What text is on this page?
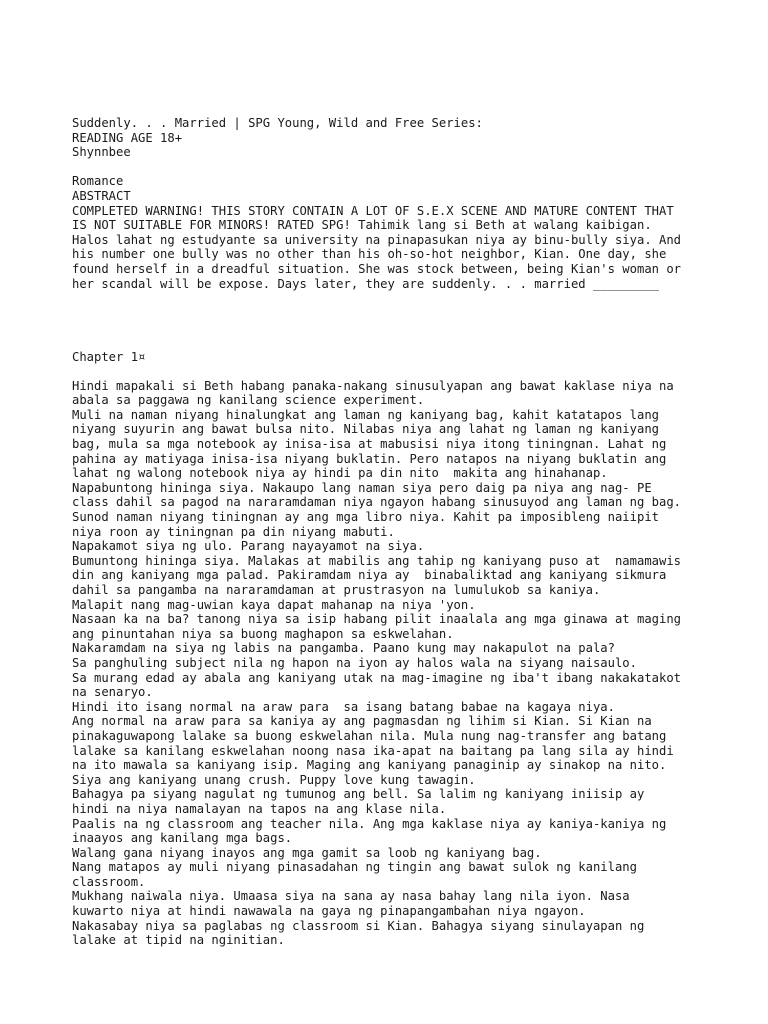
Suddenly. . . Married | SPG Young, Wild and Free Series:
READING AGE 18+
Shynnbee
Romance
ABSTRACT
COMPLETED WARNING! THIS STORY CONTAIN A LOT OF S.E.X SCENE AND MATURE CONTENT THAT
IS NOT SUITABLE FOR MINORS! RATED SPG! Tahimik lang si Beth at walang kaibigan.
Halos lahat ng estudyante sa university na pinapasukan niya ay binu-bully siya. And
his number one bully was no other than his oh-so-hot neighbor, Kian. One day, she
found herself in a dreadful situation. She was stock between, being Kian's woman or
her scandal will be expose. Days later, they are suddenly. . . married _________
Chapter 1¤
Hindi mapakali si Beth habang panaka-nakang sinusulyapan ang bawat kaklase niya na
abala sa paggawa ng kanilang science experiment.
Muli na naman niyang hinalungkat ang laman ng kaniyang bag, kahit katatapos lang
niyang suyurin ang bawat bulsa nito. Nilabas niya ang lahat ng laman ng kaniyang
bag, mula sa mga notebook ay inisa-isa at mabusisi niya itong tiningnan. Lahat ng
pahina ay matiyaga inisa-isa niyang buklatin. Pero natapos na niyang buklatin ang
lahat ng walong notebook niya ay hindi pa din nito  makita ang hinahanap.
Napabuntong hininga siya. Nakaupo lang naman siya pero daig pa niya ang nag- PE
class dahil sa pagod na nararamdaman niya ngayon habang sinusuyod ang laman ng bag.
Sunod naman niyang tiningnan ay ang mga libro niya. Kahit pa imposibleng naiipit
niya roon ay tiningnan pa din niyang mabuti.
Napakamot siya ng ulo. Parang nayayamot na siya.
Bumuntong hininga siya. Malakas at mabilis ang tahip ng kaniyang puso at  namamawis
din ang kaniyang mga palad. Pakiramdam niya ay  binabaliktad ang kaniyang sikmura
dahil sa pangamba na nararamdaman at prustrasyon na lumulukob sa kaniya.
Malapit nang mag-uwian kaya dapat mahanap na niya 'yon.
Nasaan ka na ba? tanong niya sa isip habang pilit inaalala ang mga ginawa at maging
ang pinuntahan niya sa buong maghapon sa eskwelahan.
Nakaramdam na siya ng labis na pangamba. Paano kung may nakapulot na pala?
Sa panghuling subject nila ng hapon na iyon ay halos wala na siyang naisaulo.
Sa murang edad ay abala ang kaniyang utak na mag-imagine ng iba't ibang nakakatakot
na senaryo.
Hindi ito isang normal na araw para  sa isang batang babae na kagaya niya.
Ang normal na araw para sa kaniya ay ang pagmasdan ng lihim si Kian. Si Kian na
pinakaguwapong lalake sa buong eskwelahan nila. Mula nung nag-transfer ang batang
lalake sa kanilang eskwelahan noong nasa ika-apat na baitang pa lang sila ay hindi
na ito mawala sa kaniyang isip. Maging ang kaniyang panaginip ay sinakop na nito.
Siya ang kaniyang unang crush. Puppy love kung tawagin.
Bahagya pa siyang nagulat ng tumunog ang bell. Sa lalim ng kaniyang iniisip ay
hindi na niya namalayan na tapos na ang klase nila.
Paalis na ng classroom ang teacher nila. Ang mga kaklase niya ay kaniya-kaniya ng
inaayos ang kanilang mga bags.
Walang gana niyang inayos ang mga gamit sa loob ng kaniyang bag.
Nang matapos ay muli niyang pinasadahan ng tingin ang bawat sulok ng kanilang
classroom.
Mukhang naiwala niya. Umaasa siya na sana ay nasa bahay lang nila iyon. Nasa
kuwarto niya at hindi nawawala na gaya ng pinapangambahan niya ngayon.
Nakasabay niya sa paglabas ng classroom si Kian. Bahagya siyang sinulayapan ng
lalake at tipid na nginitian.
